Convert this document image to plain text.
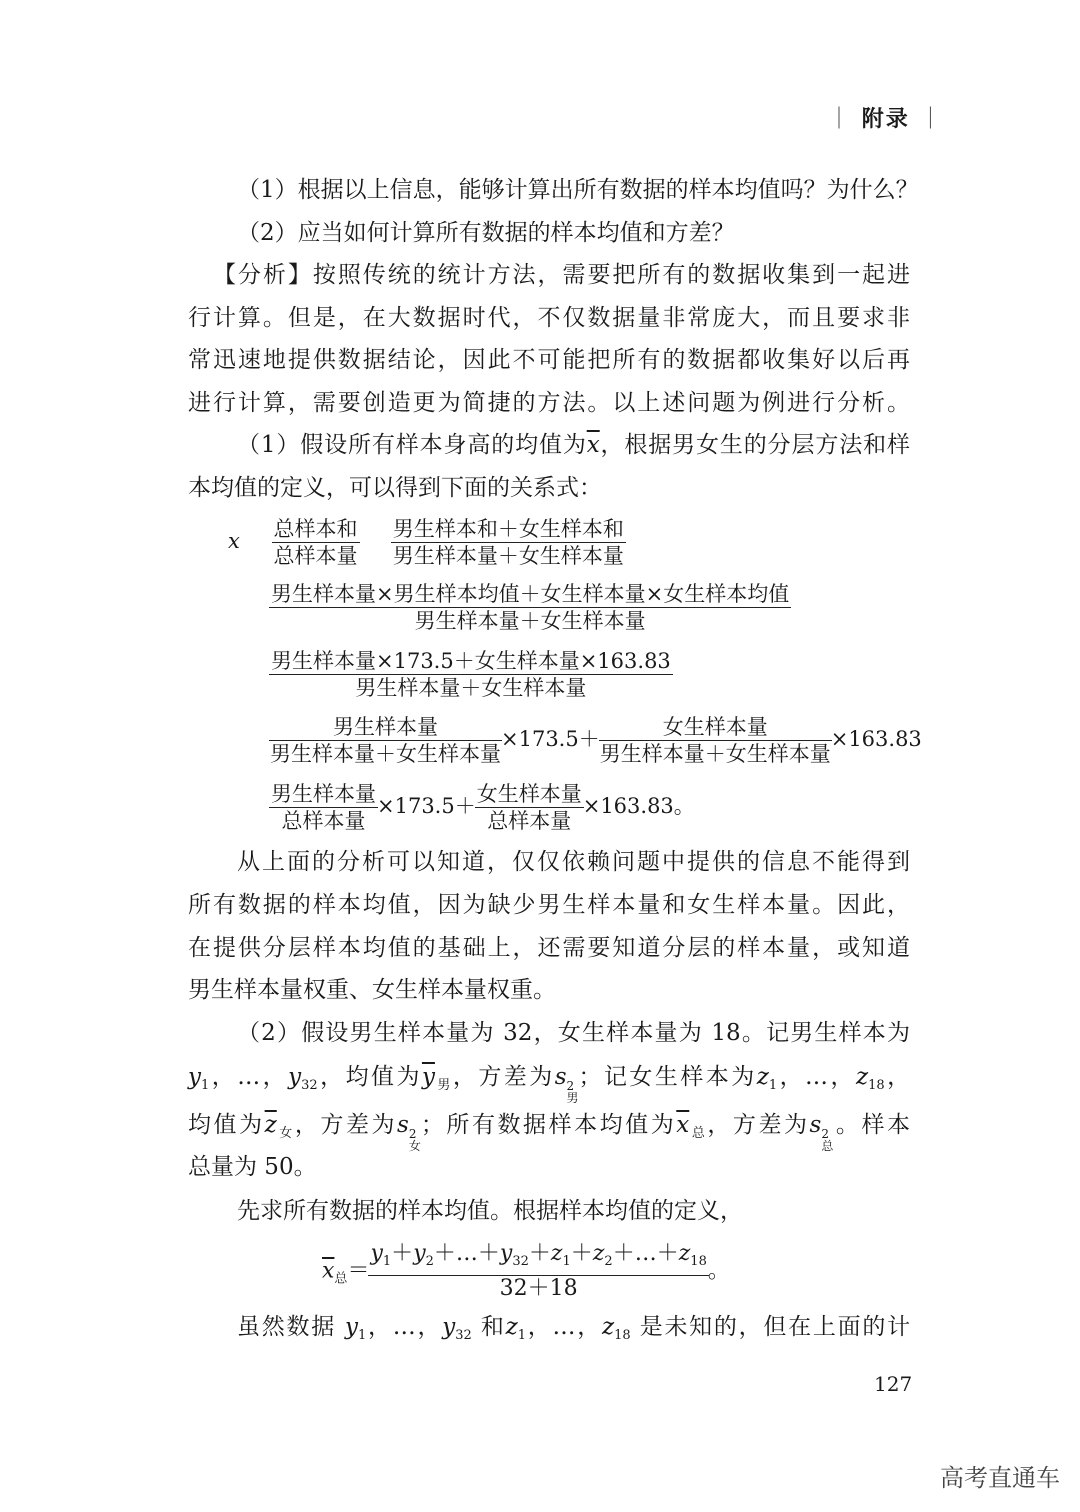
｜ 附录 ｜
（1）根据以上信息，能够计算出所有数据的样本均值吗？为什么？
（2）应当如何计算所有数据的样本均值和方差？
【分析】按照传统的统计方法，需要把所有的数据收集到一起进
行计算。但是，在大数据时代，不仅数据量非常庞大，而且要求非
常迅速地提供数据结论，因此不可能把所有的数据都收集好以后再
进行计算，需要创造更为简捷的方法。以上述问题为例进行分析。
（1）假设所有样本身高的均值为$\overline{x}$，根据男女生的分层方法和样
本均值的定义，可以得到下面的关系式：
x $\frac{\text{总样本和}}{\text{总样本量}}$
$\frac{\text{男生样本和＋女生样本和}}{\text{男生样本量＋女生样本量}}$
$\frac{\text{男生样本量×男生样本均值＋女生样本量×女生样本均值}}{\text{男生样本量＋女生样本量}}$
$\frac{\text{男生样本量×173.5＋女生样本量×163.83}}{\text{男生样本量＋女生样本量}}$
$\frac{\text{男生样本量}}{\text{男生样本量＋女生样本量}} \times 173.5+ \frac{\text{女生样本量}}{\text{男生样本量＋女生样本量}} \times 163.83$
$\frac{\text{男生样本量}}{\text{总样本量}} \times 173.5+ \frac{\text{女生样本量}}{\text{总样本量}} \times 163.83$。
从上面的分析可以知道，仅仅依赖问题中提供的信息不能得到
所有数据的样本均值，因为缺少男生样本量和女生样本量。因此，
在提供分层样本均值的基础上，还需要知道分层的样本量，或知道
男生样本量权重、女生样本量权重。
（2）假设男生样本量为 32，女生样本量为 18。记男生样本为
$y_1$，…，$y_{32}$，均值为$\overline{y}_男$，方差为s 2
男
；记女生样本为$z_1$，…，$z_{18}$，
均值为$\overline{z}_女$，方差为s 2
女
；所有数据样本均值为$\overline{x}_总$，方差为s 2
总
。样本
总量为 50。
先求所有数据的样本均值。根据样本均值的定义，
$\overline{x}_总= \frac{y_1+y_2+\dots+y_{32}+z_1+z_2+\dots+z_{18}}{32+18}$ 。
虽然数据 $y_1$，…，$y_{32}$ 和$z_1$，…，$z_{18}$ 是未知的，但在上面的计
127
高考直通车
